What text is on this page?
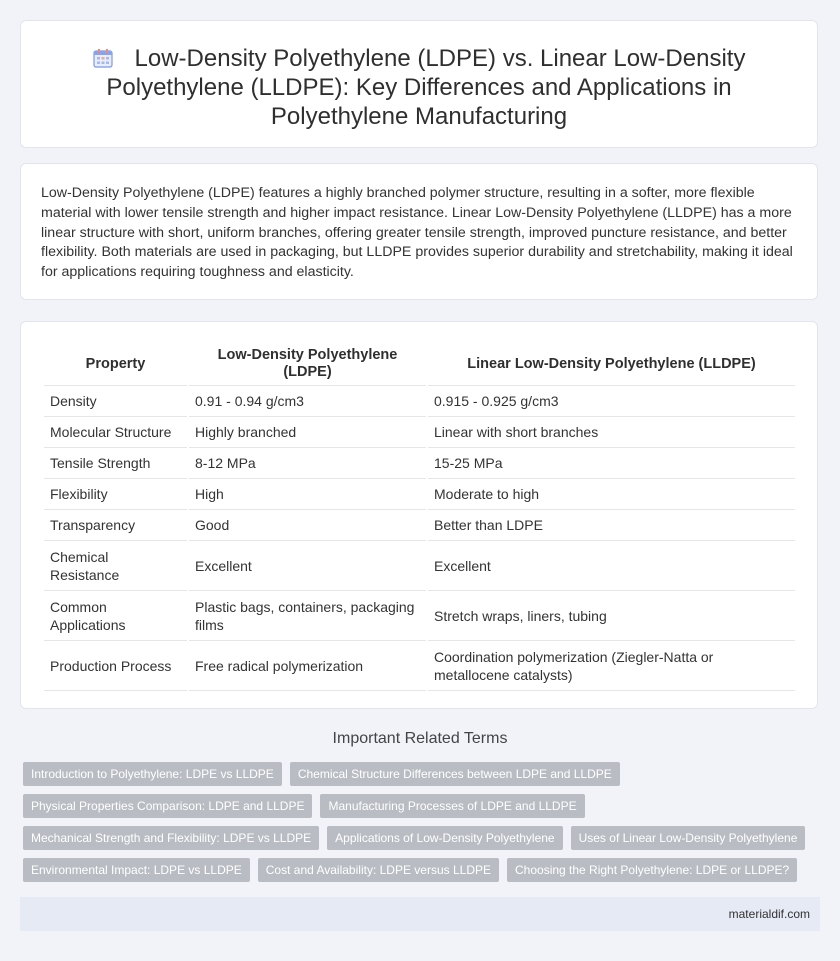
Low-Density Polyethylene (LDPE) vs. Linear Low-Density Polyethylene (LLDPE): Key Differences and Applications in Polyethylene Manufacturing

Low-Density Polyethylene (LDPE) features a highly branched polymer structure, resulting in a softer, more flexible material with lower tensile strength and higher impact resistance. Linear Low-Density Polyethylene (LLDPE) has a more linear structure with short, uniform branches, offering greater tensile strength, improved puncture resistance, and better flexibility. Both materials are used in packaging, but LLDPE provides superior durability and stretchability, making it ideal for applications requiring toughness and elasticity.

Property	Low-Density Polyethylene (LDPE)	Linear Low-Density Polyethylene (LLDPE)
Density	0.91 - 0.94 g/cm3	0.915 - 0.925 g/cm3
Molecular Structure	Highly branched	Linear with short branches
Tensile Strength	8-12 MPa	15-25 MPa
Flexibility	High	Moderate to high
Transparency	Good	Better than LDPE
Chemical Resistance	Excellent	Excellent
Common Applications	Plastic bags, containers, packaging films	Stretch wraps, liners, tubing
Production Process	Free radical polymerization	Coordination polymerization (Ziegler-Natta or metallocene catalysts)
Important Related Terms
Introduction to Polyethylene: LDPE vs LLDPE	Chemical Structure Differences between LDPE and LLDPE
Physical Properties Comparison: LDPE and LLDPE	Manufacturing Processes of LDPE and LLDPE
Mechanical Strength and Flexibility: LDPE vs LLDPE	Applications of Low-Density Polyethylene	Uses of Linear Low-Density Polyethylene
Environmental Impact: LDPE vs LLDPE	Cost and Availability: LDPE versus LLDPE	Choosing the Right Polyethylene: LDPE or LLDPE?
materialdif.com
